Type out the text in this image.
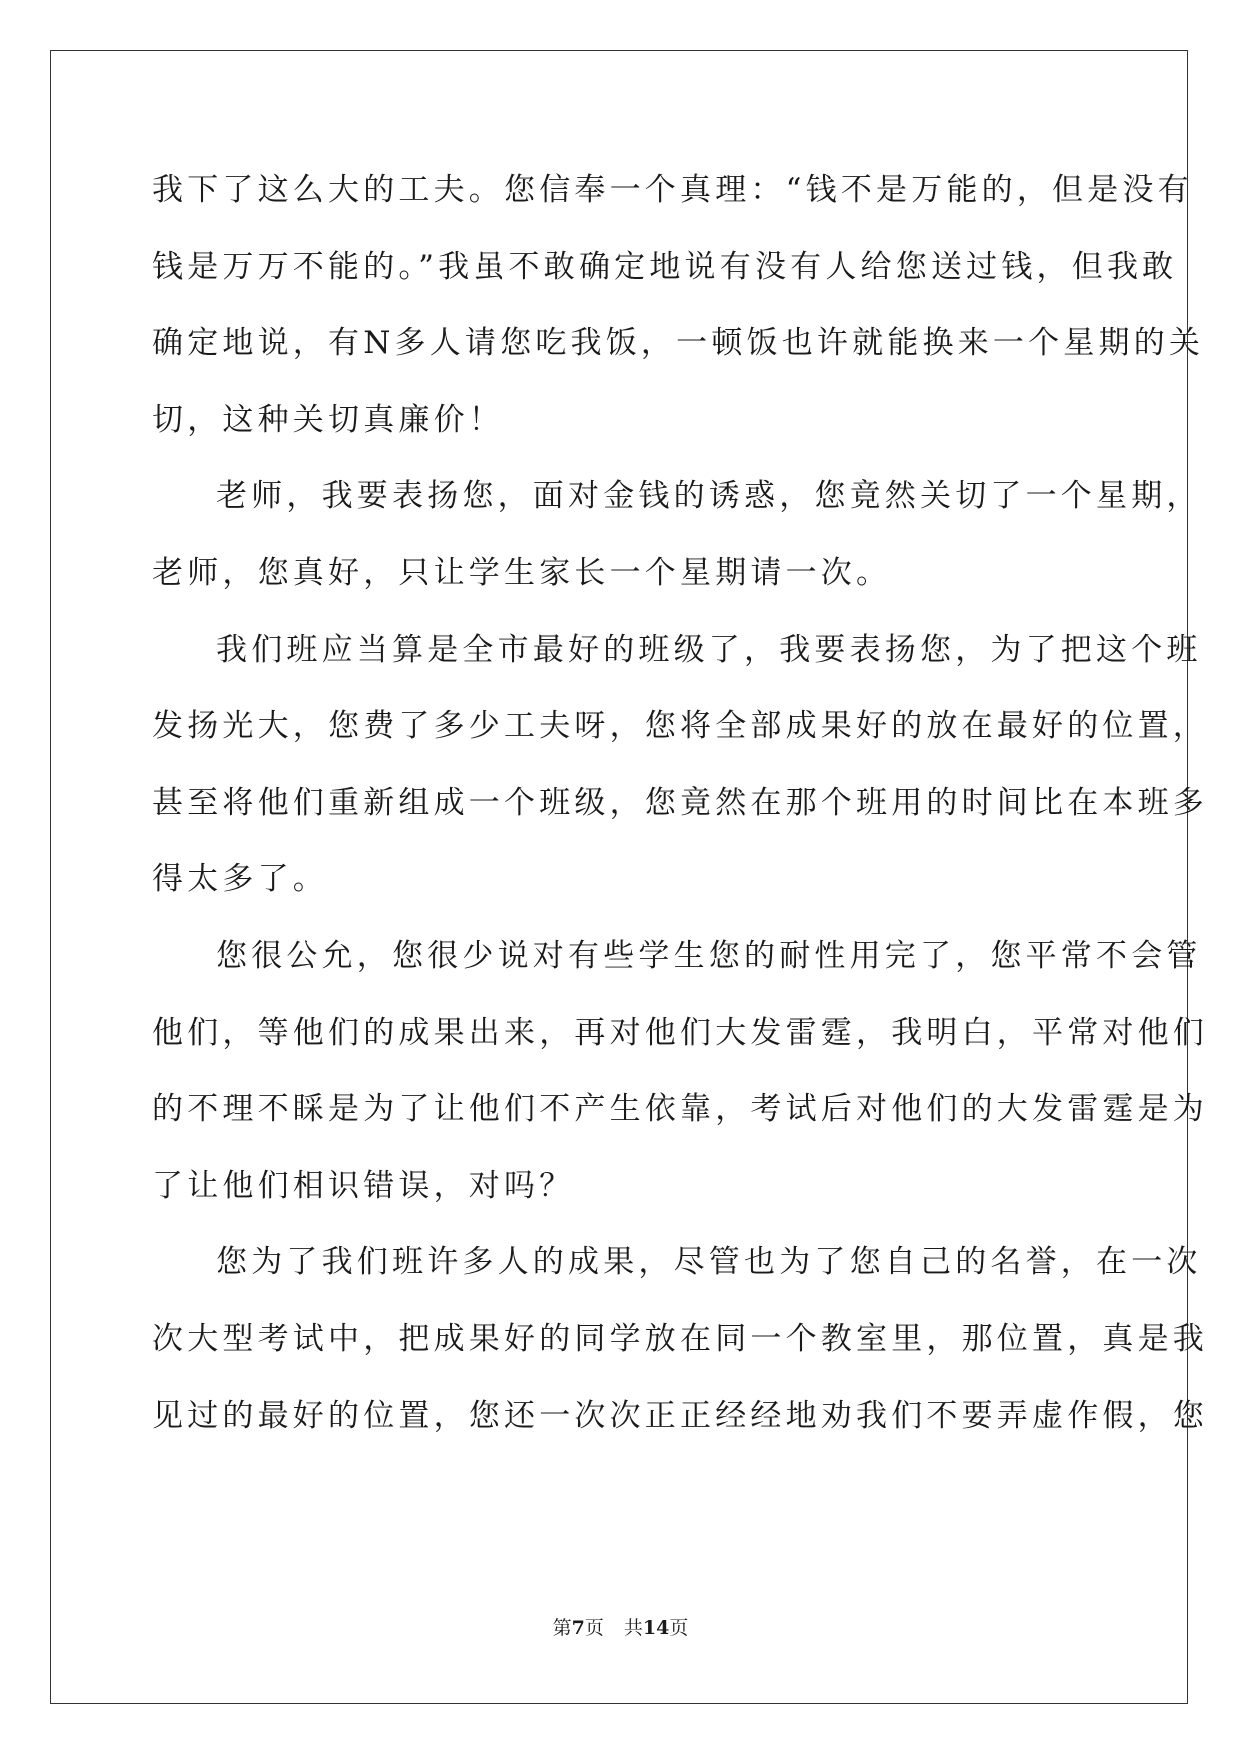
我下了这么大的工夫。您信奉一个真理：“钱不是万能的，但是没有
钱是万万不能的。”我虽不敢确定地说有没有人给您送过钱，但我敢
确定地说，有N多人请您吃我饭，一顿饭也许就能换来一个星期的关
切，这种关切真廉价！
老师，我要表扬您，面对金钱的诱惑，您竟然关切了一个星期，
老师，您真好，只让学生家长一个星期请一次。
我们班应当算是全市最好的班级了，我要表扬您，为了把这个班
发扬光大，您费了多少工夫呀，您将全部成果好的放在最好的位置，
甚至将他们重新组成一个班级，您竟然在那个班用的时间比在本班多
得太多了。
您很公允，您很少说对有些学生您的耐性用完了，您平常不会管
他们，等他们的成果出来，再对他们大发雷霆，我明白，平常对他们
的不理不睬是为了让他们不产生依靠，考试后对他们的大发雷霆是为
了让他们相识错误，对吗？
您为了我们班许多人的成果，尽管也为了您自己的名誉，在一次
次大型考试中，把成果好的同学放在同一个教室里，那位置，真是我
见过的最好的位置，您还一次次正正经经地劝我们不要弄虚作假，您
第7页 共14页
